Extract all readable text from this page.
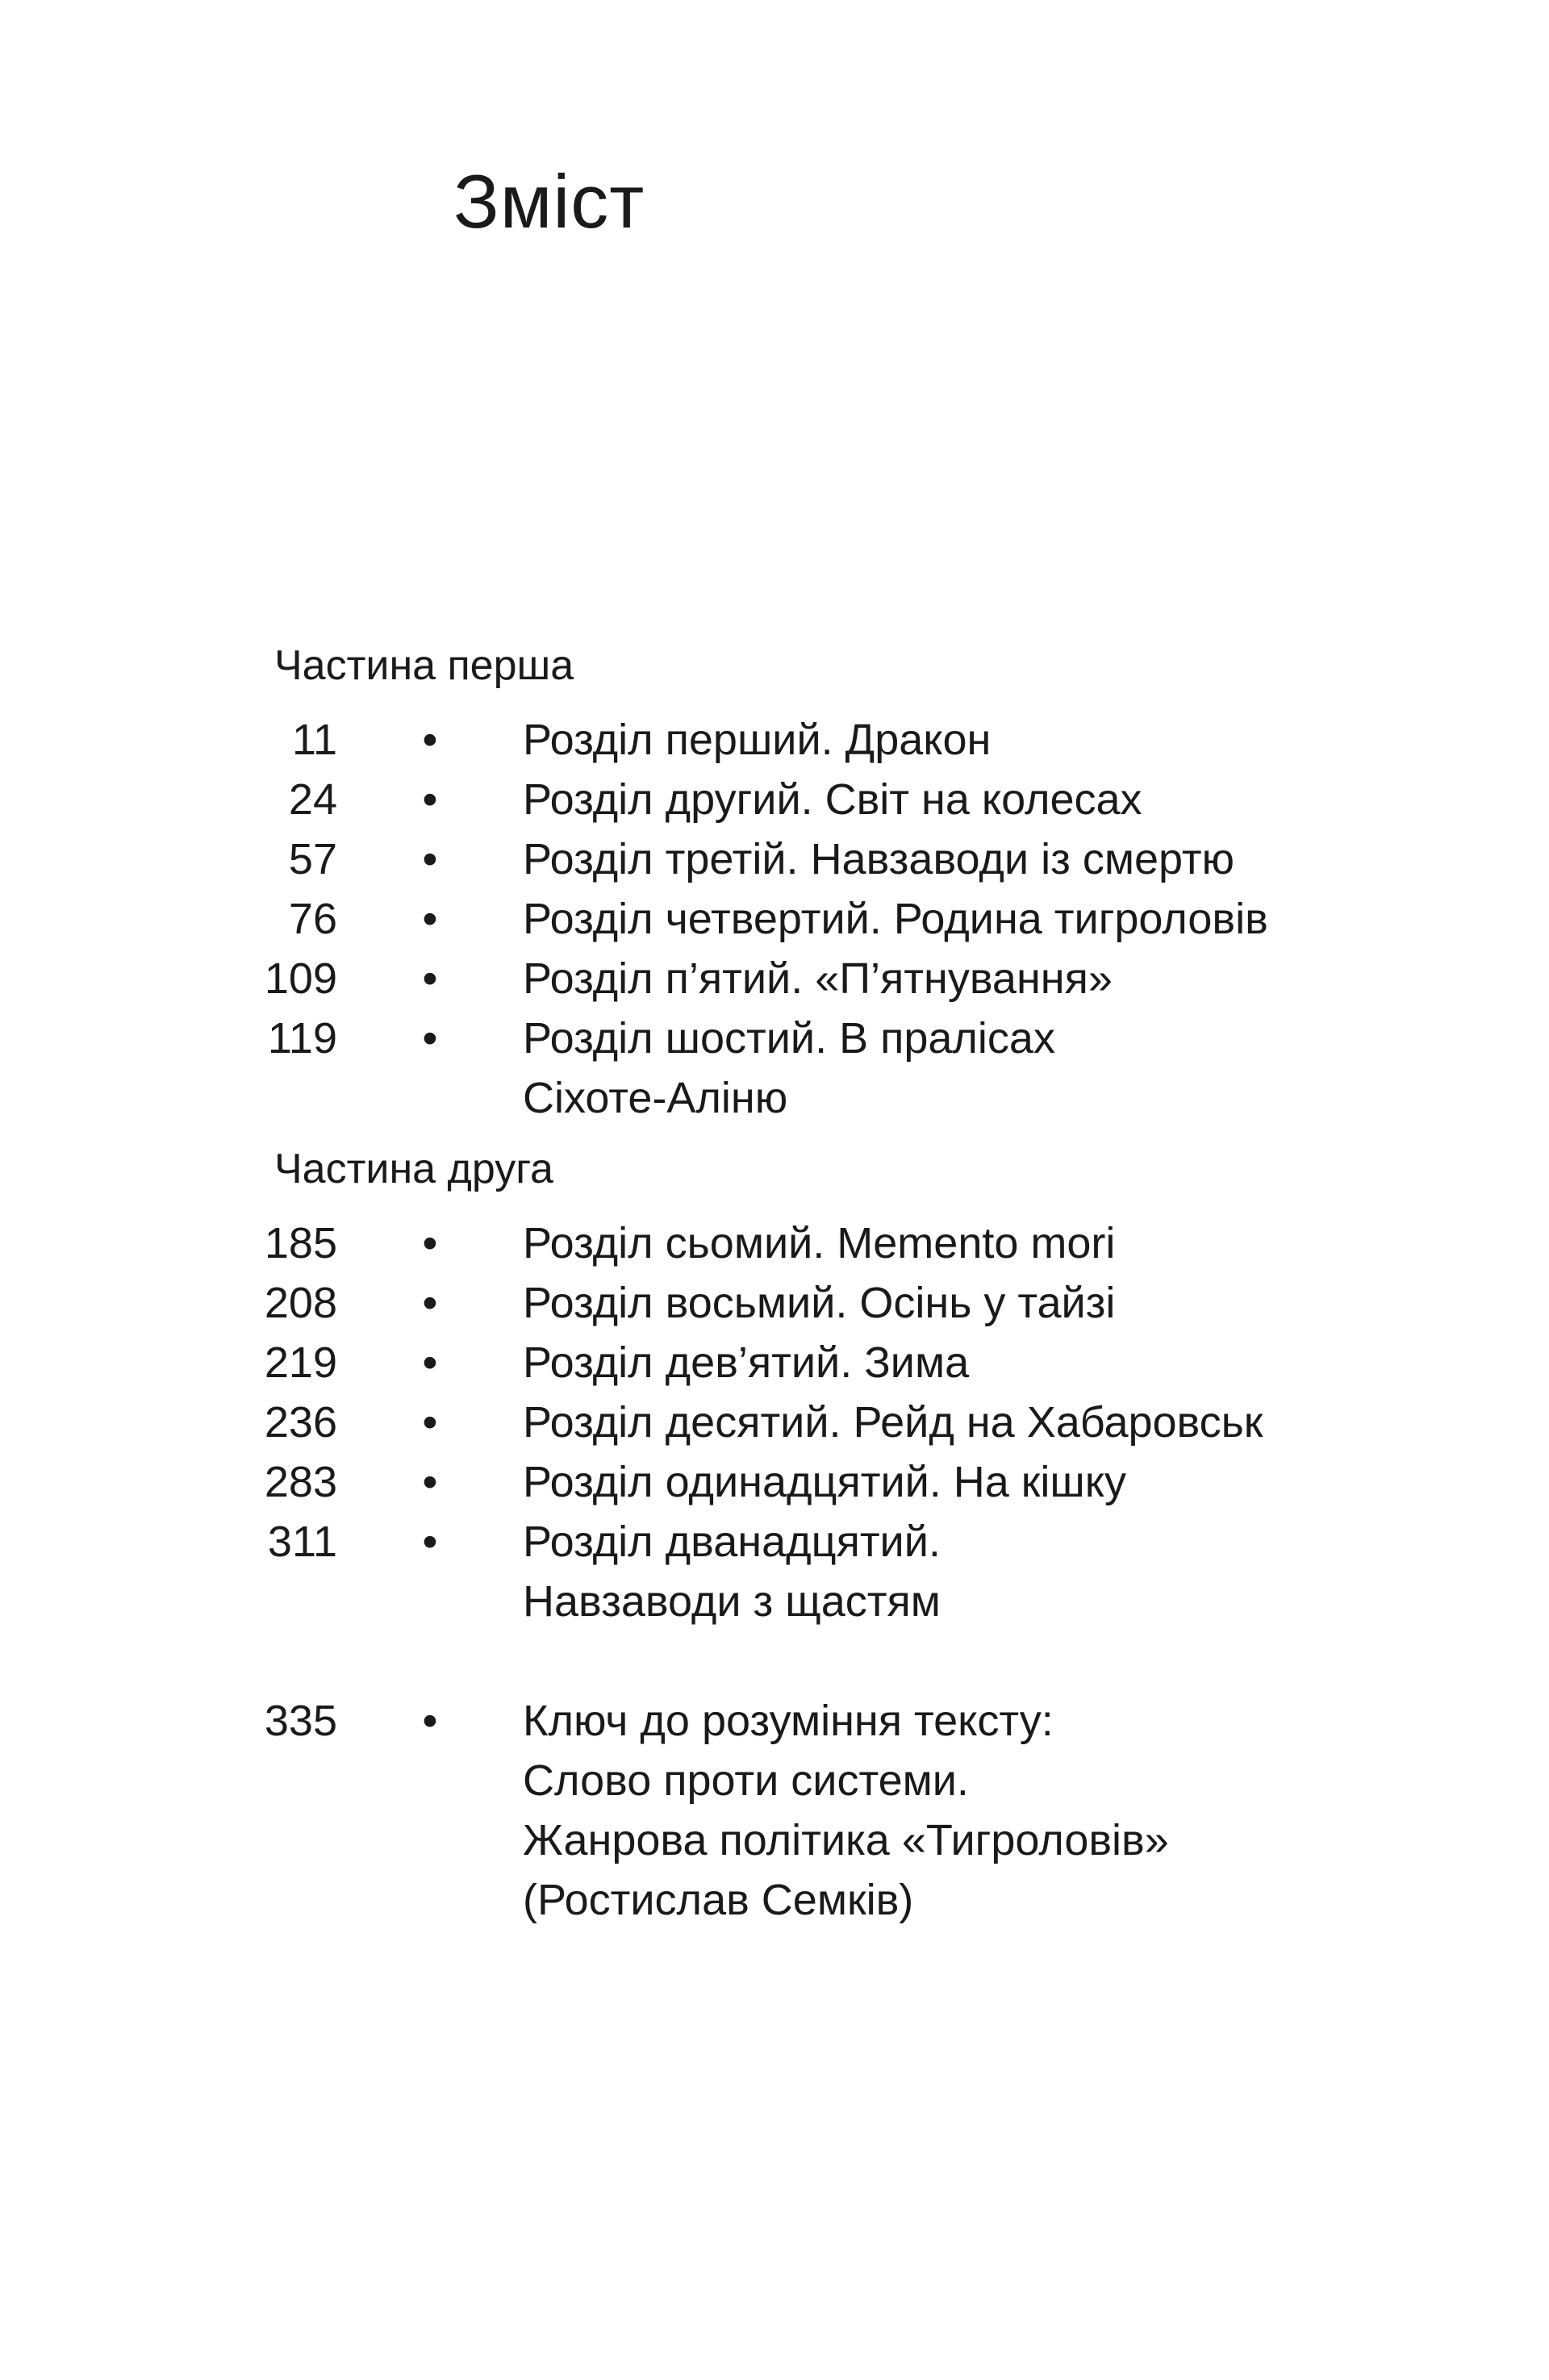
Зміст
Частина перша
11	•	Розділ перший. Дракон
24	•	Розділ другий. Світ на колесах
57	•	Розділ третій. Навзаводи із смертю
76	•	Розділ четвертий. Родина тигроловів
109	•	Розділ п’ятий. «П’ятнування»
119	•	Розділ шостий. В пралісах
Сіхоте-Аліню
Частина друга
185	•	Розділ сьомий. Memento mori
208	•	Розділ восьмий. Осінь у тайзі
219	•	Розділ дев’ятий. Зима
236	•	Розділ десятий. Рейд на Хабаровськ
283	•	Розділ одинадцятий. На кішку
311	•	Розділ дванадцятий.
Навзаводи з щастям
335	•	Ключ до розуміння тексту:
Слово проти системи.
Жанрова політика «Тигроловів»
(Ростислав Семків)
